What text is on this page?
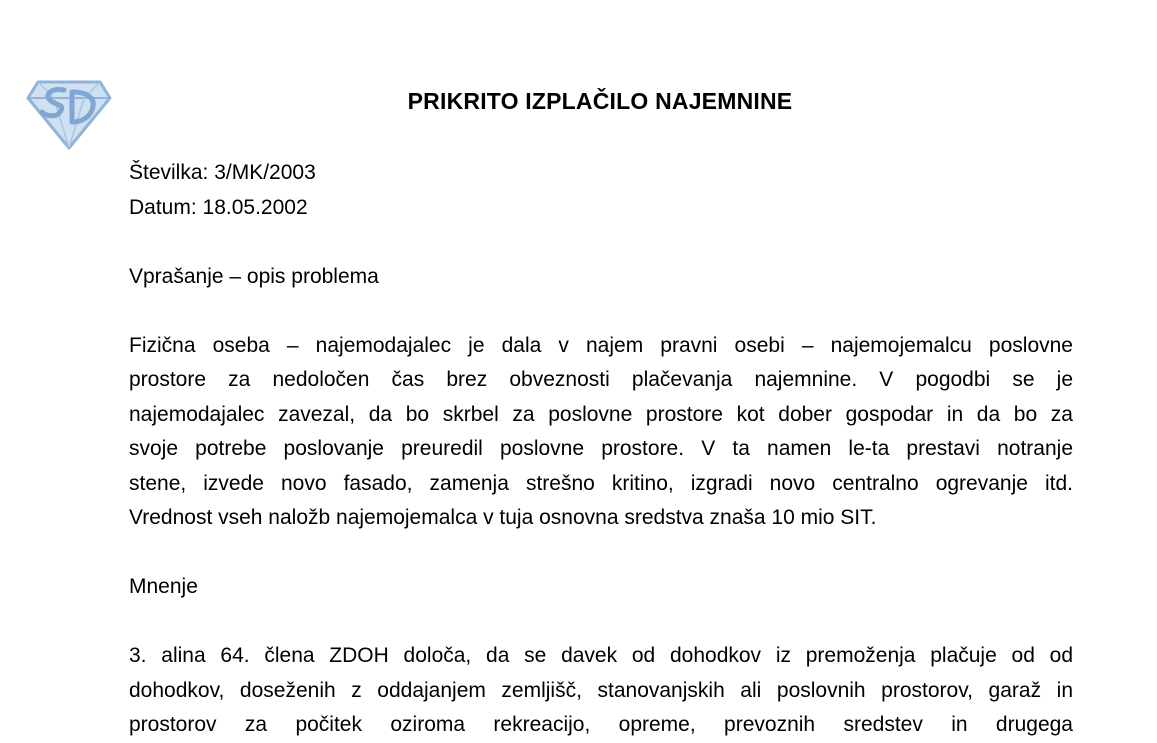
PRIKRITO IZPLAČILO NAJEMNINE

Številka: 3/MK/2003

Datum: 18.05.2002

Vprašanje – opis problema

Fizična oseba – najemodajalec je dala v najem pravni osebi – najemojemalcu poslovne
prostore za nedoločen čas brez obveznosti plačevanja najemnine. V pogodbi se je
najemodajalec zavezal, da bo skrbel za poslovne prostore kot dober gospodar in da bo za
svoje potrebe poslovanje preuredil poslovne prostore. V ta namen le-ta prestavi notranje
stene, izvede novo fasado, zamenja strešno kritino, izgradi novo centralno ogrevanje itd.
Vrednost vseh naložb najemojemalca v tuja osnovna sredstva znaša 10 mio SIT.

Mnenje

3. alina 64. člena ZDOH določa, da se davek od dohodkov iz premoženja plačuje od od
dohodkov, doseženih z oddajanjem zemljišč, stanovanjskih ali poslovnih prostorov, garaž in
prostorov za počitek oziroma rekreacijo, opreme, prevoznih sredstev in drugega
